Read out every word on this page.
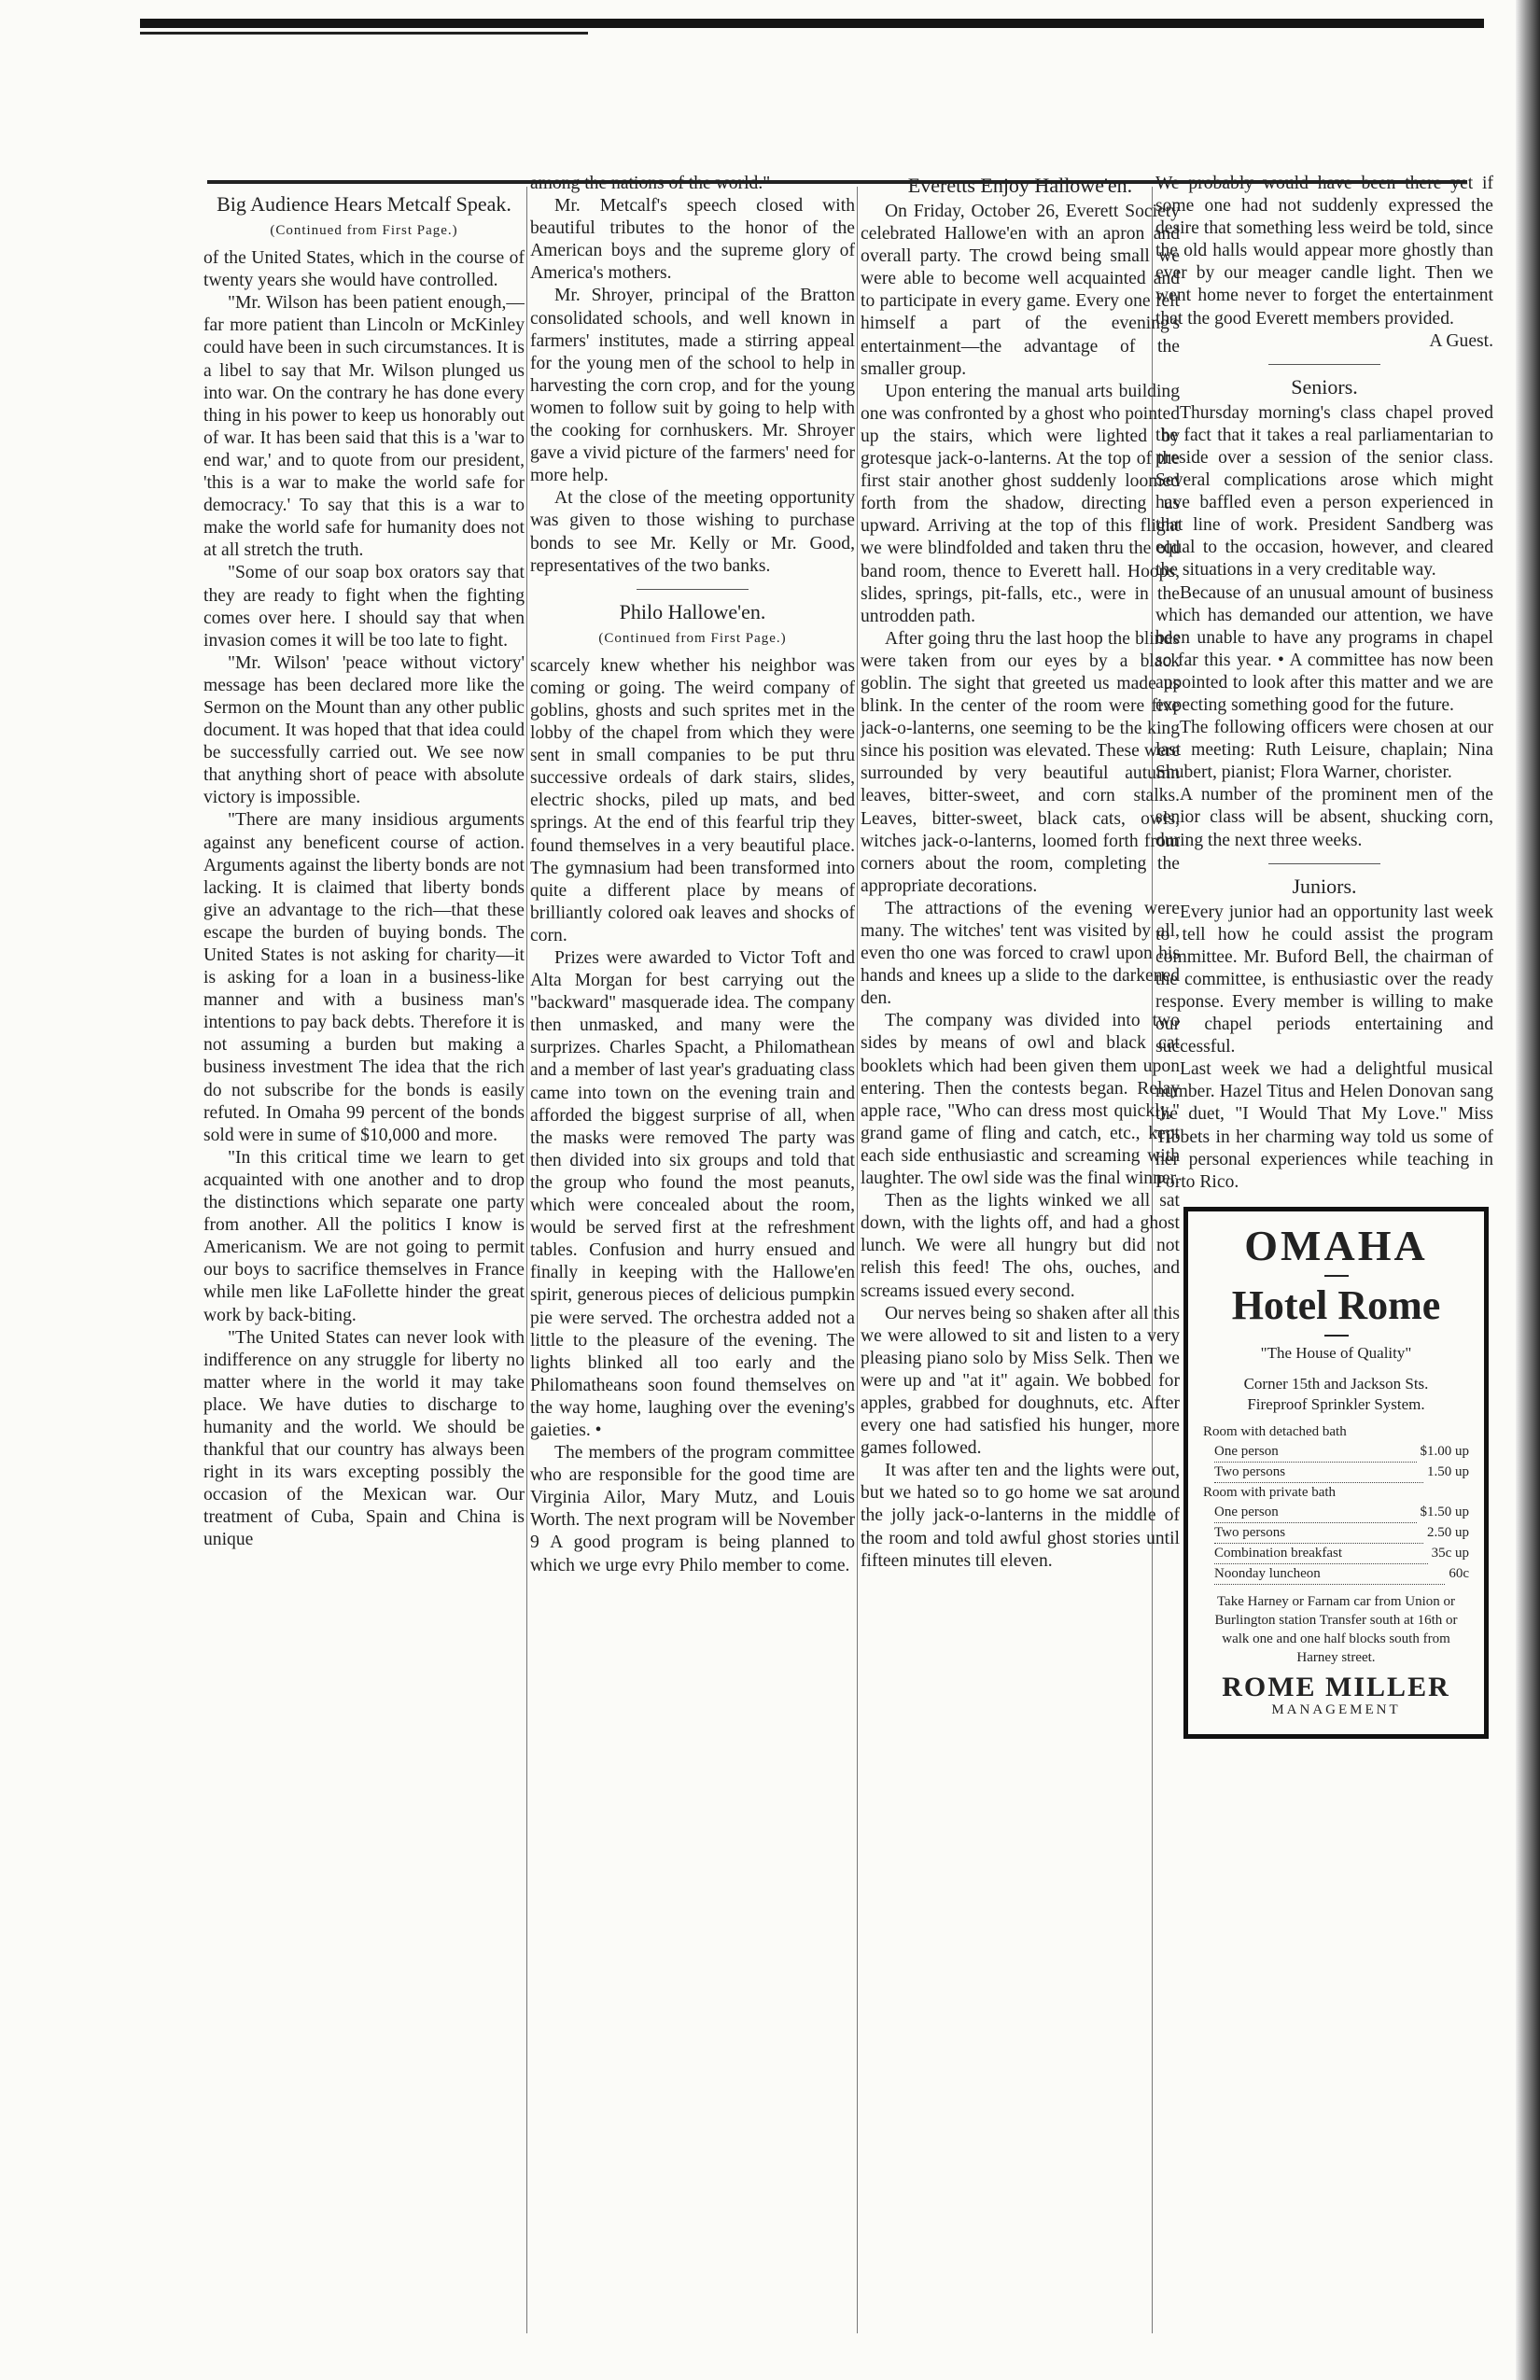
Big Audience Hears Metcalf Speak.
(Continued from First Page.)

of the United States, which in the course of twenty years she would have controlled.

"Mr. Wilson has been patient enough,—far more patient than Lincoln or McKinley could have been in such circumstances. It is a libel to say that Mr. Wilson plunged us into war. On the contrary he has done every thing in his power to keep us honorably out of war. It has been said that this is a 'war to end war,' and to quote from our president, 'this is a war to make the world safe for democracy.' To say that this is a war to make the world safe for humanity does not at all stretch the truth.

"Some of our soap box orators say that they are ready to fight when the fighting comes over here. I should say that when invasion comes it will be too late to fight.

"Mr. Wilson' 'peace without victory' message has been declared more like the Sermon on the Mount than any other public document. It was hoped that that idea could be successfully carried out. We see now that anything short of peace with absolute victory is impossible.

"There are many insidious arguments against any beneficent course of action. Arguments against the liberty bonds are not lacking. It is claimed that liberty bonds give an advantage to the rich—that these escape the burden of buying bonds. The United States is not asking for charity—it is asking for a loan in a business-like manner and with a business man's intentions to pay back debts. Therefore it is not assuming a burden but making a business investment The idea that the rich do not subscribe for the bonds is easily refuted. In Omaha 99 percent of the bonds sold were in sume of $10,000 and more.

"In this critical time we learn to get acquainted with one another and to drop the distinctions which separate one party from another. All the politics I know is Americanism. We are not going to permit our boys to sacrifice themselves in France while men like LaFollette hinder the great work by back-biting.

"The United States can never look with indifference on any struggle for liberty no matter where in the world it may take place. We have duties to discharge to humanity and the world. We should be thankful that our country has always been right in its wars excepting possibly the occasion of the Mexican war. Our treatment of Cuba, Spain and China is unique

among the nations of the world."

Mr. Metcalf's speech closed with beautiful tributes to the honor of the American boys and the supreme glory of America's mothers.

Mr. Shroyer, principal of the Bratton consolidated schools, and well known in farmers' institutes, made a stirring appeal for the young men of the school to help in harvesting the corn crop, and for the young women to follow suit by going to help with the cooking for cornhuskers. Mr. Shroyer gave a vivid picture of the farmers' need for more help.

At the close of the meeting opportunity was given to those wishing to purchase bonds to see Mr. Kelly or Mr. Good, representatives of the two banks.

Philo Hallowe'en.
(Continued from First Page.)

scarcely knew whether his neighbor was coming or going. The weird company of goblins, ghosts and such sprites met in the lobby of the chapel from which they were sent in small companies to be put thru successive ordeals of dark stairs, slides, electric shocks, piled up mats, and bed springs. At the end of this fearful trip they found themselves in a very beautiful place. The gymnasium had been transformed into quite a different place by means of brilliantly colored oak leaves and shocks of corn.

Prizes were awarded to Victor Toft and Alta Morgan for best carrying out the "backward" masquerade idea. The company then unmasked, and many were the surprizes. Charles Spacht, a Philomathean and a member of last year's graduating class came into town on the evening train and afforded the biggest surprise of all, when the masks were removed The party was then divided into six groups and told that the group who found the most peanuts, which were concealed about the room, would be served first at the refreshment tables. Confusion and hurry ensued and finally in keeping with the Hallowe'en spirit, generous pieces of delicious pumpkin pie were served. The orchestra added not a little to the pleasure of the evening. The lights blinked all too early and the Philomatheans soon found themselves on the way home, laughing over the evening's gaieties. •

The members of the program committee who are responsible for the good time are Virginia Ailor, Mary Mutz, and Louis Worth. The next program will be November 9 A good program is being planned to which we urge evry Philo member to come.

Everetts Enjoy Hallowe'en.

On Friday, October 26, Everett Society celebrated Hallowe'en with an apron and overall party. The crowd being small we were able to become well acquainted and to participate in every game. Every one felt himself a part of the evening's entertainment—the advantage of the smaller group.

Upon entering the manual arts building one was confronted by a ghost who pointed up the stairs, which were lighted by grotesque jack-o-lanterns. At the top of the first stair another ghost suddenly loomed forth from the shadow, directing us upward. Arriving at the top of this flight we were blindfolded and taken thru the old band room, thence to Everett hall. Hoops, slides, springs, pit-falls, etc., were in the untrodden path.

After going thru the last hoop the blinds were taken from our eyes by a black goblin. The sight that greeted us made us blink. In the center of the room were five jack-o-lanterns, one seeming to be the king since his position was elevated. These were surrounded by very beautiful autumn leaves, bitter-sweet, and corn stalks. Leaves, bitter-sweet, black cats, owls, witches jack-o-lanterns, loomed forth from corners about the room, completing the appropriate decorations.

The attractions of the evening were many. The witches' tent was visited by all, even tho one was forced to crawl upon his hands and knees up a slide to the darkened den.

The company was divided into two sides by means of owl and black cat booklets which had been given them upon entering. Then the contests began. Relay apple race, "Who can dress most quickly," grand game of fling and catch, etc., kept each side enthusiastic and screaming with laughter. The owl side was the final winner.

Then as the lights winked we all sat down, with the lights off, and had a ghost lunch. We were all hungry but did not relish this feed! The ohs, ouches, and screams issued every second.

Our nerves being so shaken after all this we were allowed to sit and listen to a very pleasing piano solo by Miss Selk. Then we were up and "at it" again. We bobbed for apples, grabbed for doughnuts, etc. After every one had satisfied his hunger, more games followed.

It was after ten and the lights were out, but we hated so to go home we sat around the jolly jack-o-lanterns in the middle of the room and told awful ghost stories until fifteen minutes till eleven.

We probably would have been there yet if some one had not suddenly expressed the desire that something less weird be told, since the old halls would appear more ghostly than ever by our meager candle light. Then we went home never to forget the entertainment that the good Everett members provided.

A Guest.

Seniors.

Thursday morning's class chapel proved the fact that it takes a real parliamentarian to preside over a session of the senior class. Several complications arose which might have baffled even a person experienced in that line of work. President Sandberg was equal to the occasion, however, and cleared the situations in a very creditable way.

Because of an unusual amount of business which has demanded our attention, we have been unable to have any programs in chapel so far this year. • A committee has now been appointed to look after this matter and we are expecting something good for the future.

The following officers were chosen at our last meeting: Ruth Leisure, chaplain; Nina Shubert, pianist; Flora Warner, chorister.

A number of the prominent men of the senior class will be absent, shucking corn, during the next three weeks.

Juniors.

Every junior had an opportunity last week to tell how he could assist the program committee. Mr. Buford Bell, the chairman of the committee, is enthusiastic over the ready response. Every member is willing to make our chapel periods entertaining and successful.

Last week we had a delightful musical number. Hazel Titus and Helen Donovan sang the duet, "I Would That My Love." Miss Tibbets in her charming way told us some of her personal experiences while teaching in Porto Rico.

OMAHA
Hotel Rome
"The House of Quality"
Corner 15th and Jackson Sts.
Fireproof Sprinkler System.
Room with detached bath
One person	$1.00 up
Two persons	1.50 up
Room with private bath
One person	$1.50 up
Two persons	2.50 up
Combination breakfast	35c up
Noonday luncheon	60c
Take Harney or Farnam car from Union or Burlington station Transfer south at 16th or walk one and one half blocks south from Harney street.
ROME MILLER
MANAGEMENT
